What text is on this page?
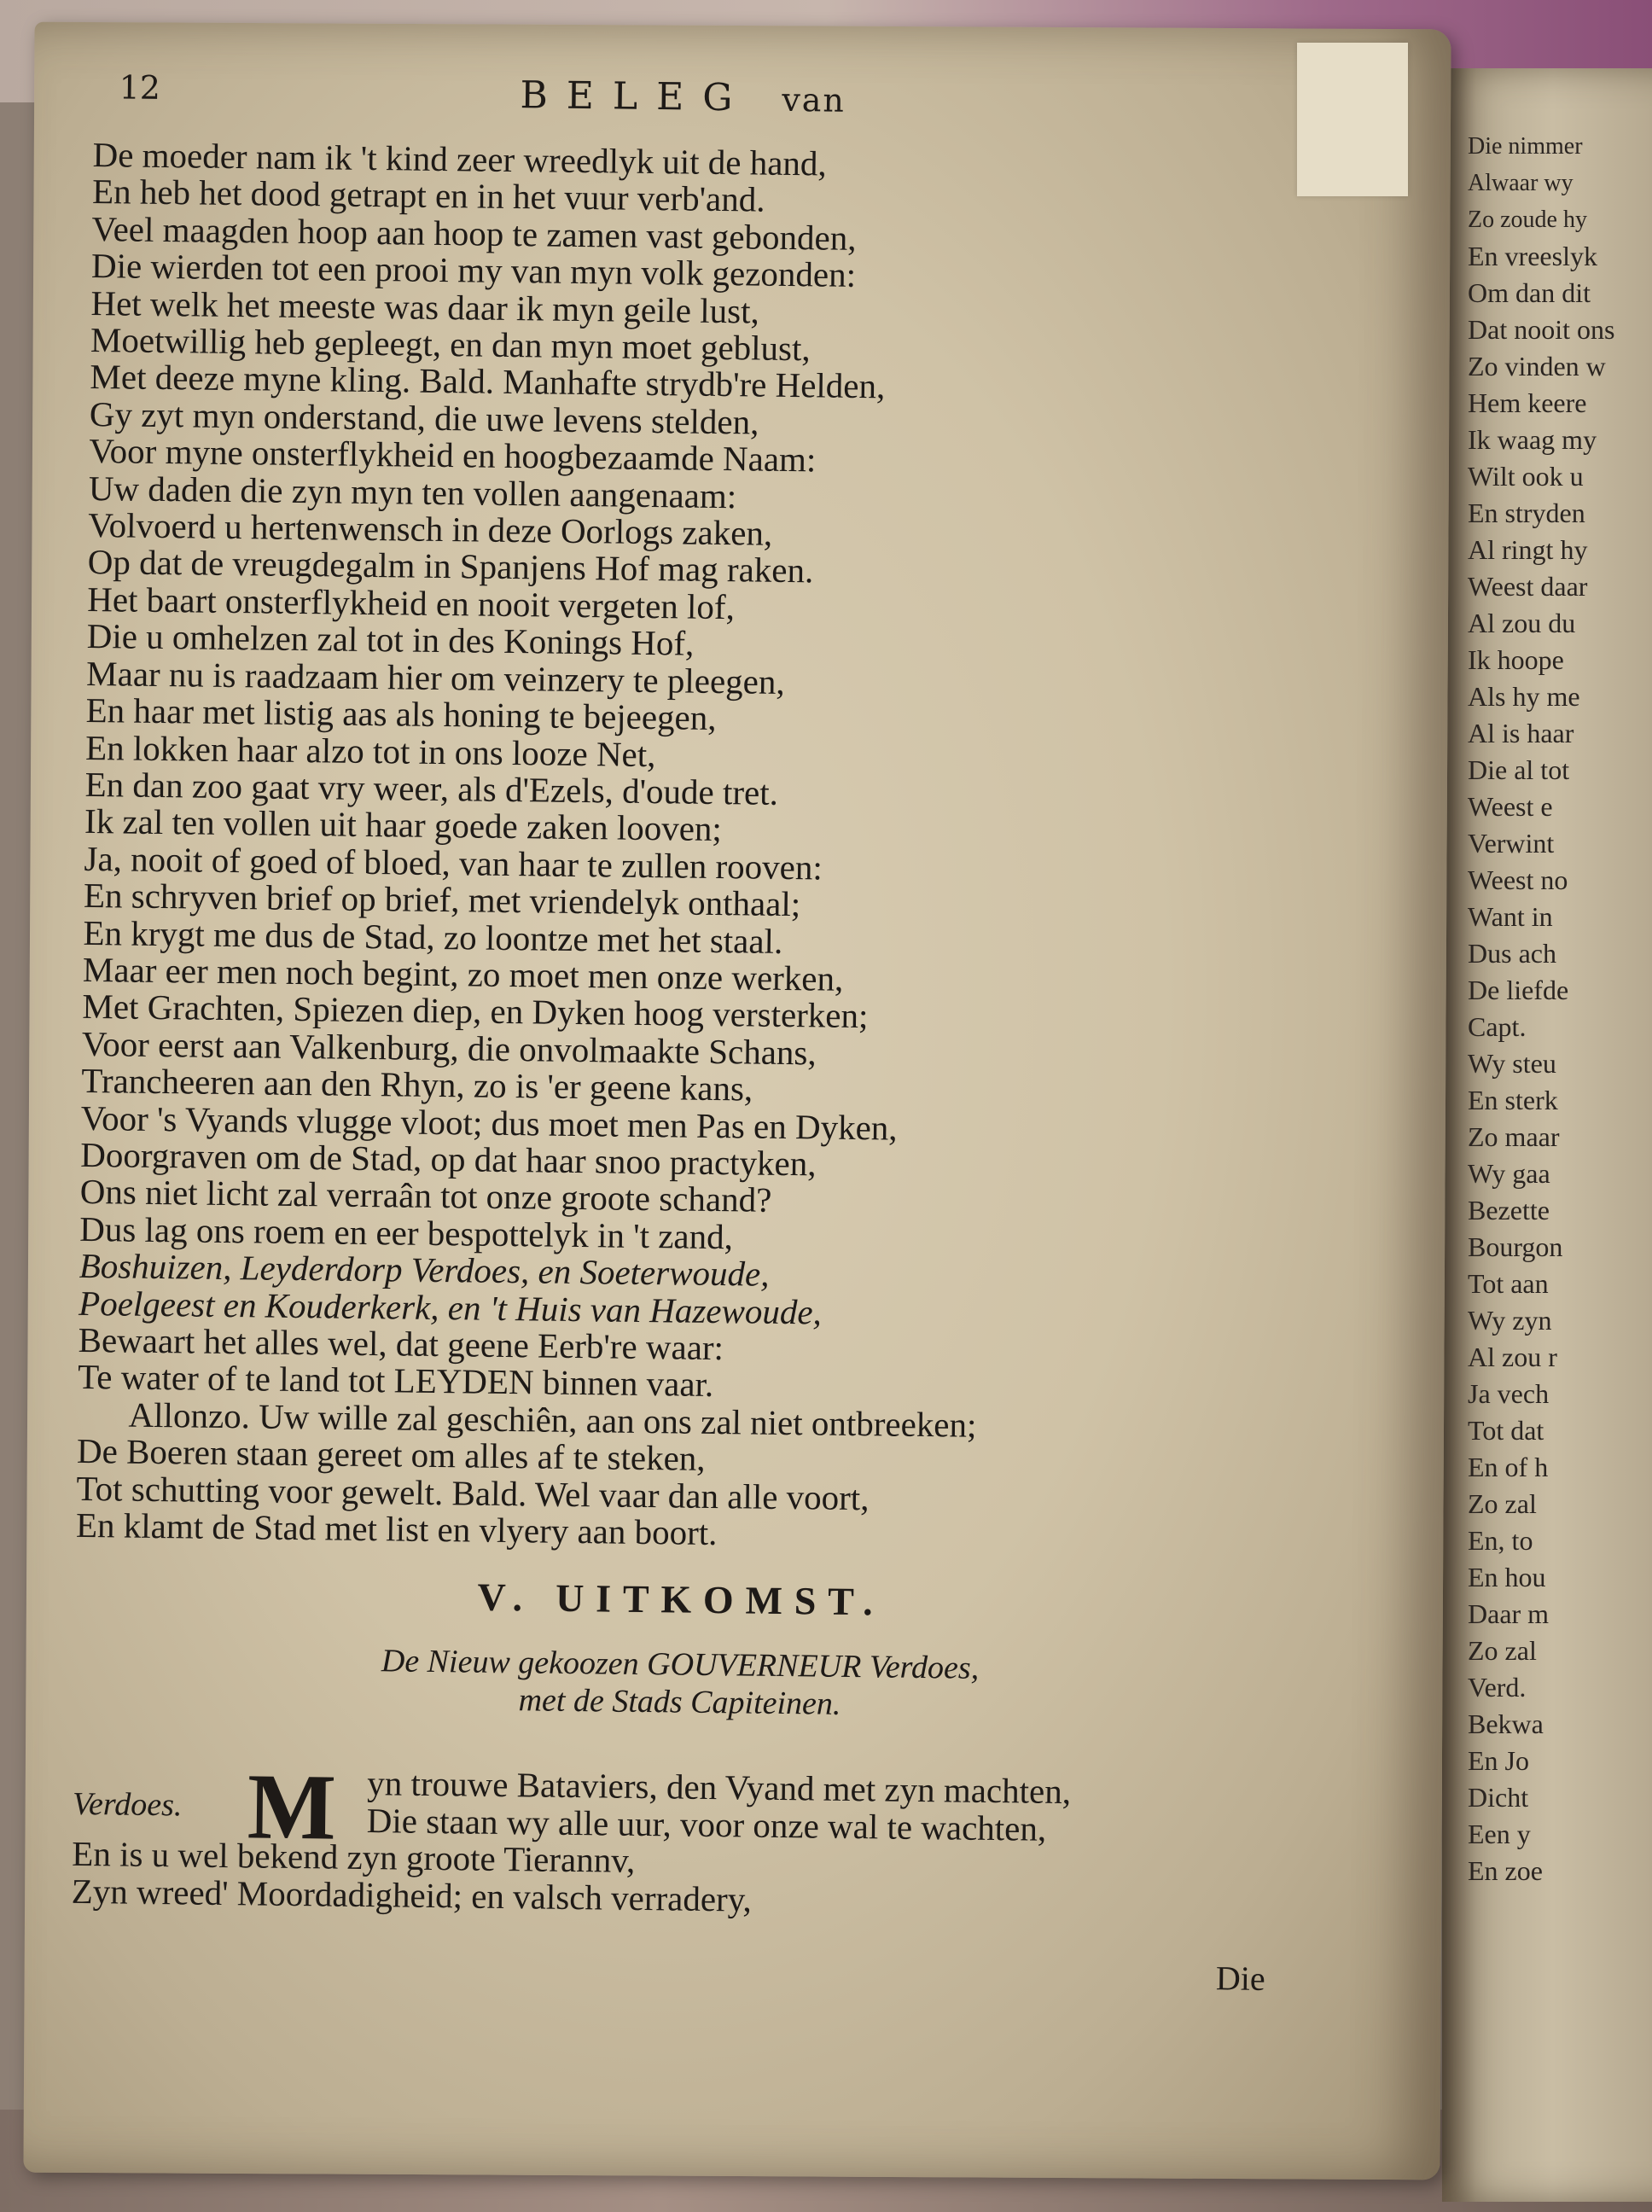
Die nimmer
Alwaar wy
Zo zoude hy
En vreeslyk
Om dan dit
Dat nooit ons
Zo vinden w
Hem keere
Ik waag my
Wilt ook u
En stryden
Al ringt hy
Weest daar
Al zou du
Ik hoope
Als hy me
Al is haar
Die al tot
Weest e
Verwint
Weest no
Want in
Dus ach
De liefde
Capt.
Wy steu
En sterk
Zo maar
Wy gaa
Bezette
Bourgon
Tot aan
Wy zyn
Al zou r
Ja vech
Tot dat
En of h
Zo zal
En, to
En hou
Daar m
Zo zal
Verd.
Bekwa
En Jo
Dicht
Een y
En zoe
12	BELEG van
De moeder nam ik 't kind zeer wreedlyk uit de hand,
En heb het dood getrapt en in het vuur verb'and.
Veel maagden hoop aan hoop te zamen vast gebonden,
Die wierden tot een prooi my van myn volk gezonden:
Het welk het meeste was daar ik myn geile lust,
Moetwillig heb gepleegt, en dan myn moet geblust,
Met deeze myne kling. Bald. Manhafte strydb're Helden,
Gy zyt myn onderstand, die uwe levens stelden,
Voor myne onsterflykheid en hoogbezaamde Naam:
Uw daden die zyn myn ten vollen aangenaam:
Volvoerd u hertenwensch in deze Oorlogs zaken,
Op dat de vreugdegalm in Spanjens Hof mag raken.
Het baart onsterflykheid en nooit vergeten lof,
Die u omhelzen zal tot in des Konings Hof,
Maar nu is raadzaam hier om veinzery te pleegen,
En haar met listig aas als honing te bejeegen,
En lokken haar alzo tot in ons looze Net,
En dan zoo gaat vry weer, als d'Ezels, d'oude tret.
Ik zal ten vollen uit haar goede zaken looven;
Ja, nooit of goed of bloed, van haar te zullen rooven:
En schryven brief op brief, met vriendelyk onthaal;
En krygt me dus de Stad, zo loontze met het staal.
Maar eer men noch begint, zo moet men onze werken,
Met Grachten, Spiezen diep, en Dyken hoog versterken;
Voor eerst aan Valkenburg, die onvolmaakte Schans,
Trancheeren aan den Rhyn, zo is 'er geene kans,
Voor 's Vyands vlugge vloot; dus moet men Pas en Dyken,
Doorgraven om de Stad, op dat haar snoo practyken,
Ons niet licht zal verraân tot onze groote schand?
Dus lag ons roem en eer bespottelyk in 't zand,
Boshuizen, Leyderdorp Verdoes, en Soeterwoude,
Poelgeest en Kouderkerk, en 't Huis van Hazewoude,
Bewaart het alles wel, dat geene Eerb're waar:
Te water of te land tot LEYDEN binnen vaar.
Allonzo. Uw wille zal geschiên, aan ons zal niet ontbreeken;
De Boeren staan gereet om alles af te steken,
Tot schutting voor gewelt. Bald. Wel vaar dan alle voort,
En klamt de Stad met list en vlyery aan boort.
V. UITKOMST.
De Nieuw gekoozen GOUVERNEUR Verdoes,
met de Stads Capiteinen.
Verdoes. M yn trouwe Bataviers, den Vyand met zyn machten,
Die staan wy alle uur, voor onze wal te wachten,
En is u wel bekend zyn groote Tierannv,
Zyn wreed' Moordadigheid; en valsch verradery,
Die
